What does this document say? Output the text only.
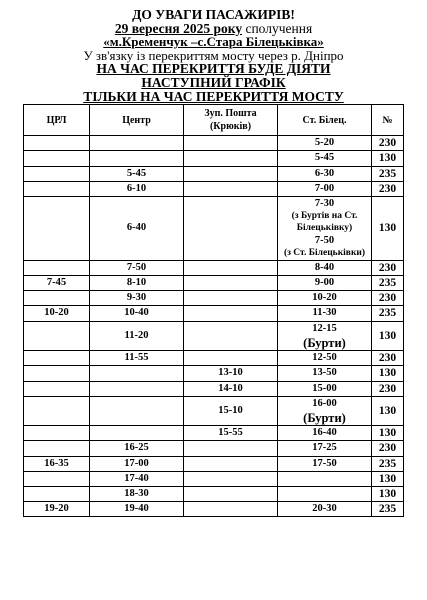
ДО УВАГИ ПАСАЖИРІВ!
29 вересня 2025 року сполучення
«м.Кременчук –с.Стара Білецьківка»
У зв'язку із перекриттям мосту через р. Дніпро
НА ЧАС ПЕРЕКРИТТЯ БУДЕ ДІЯТИ
НАСТУПНИЙ ГРАФІК
ТІЛЬКИ НА ЧАС ПЕРЕКРИТТЯ МОСТУ
ЦРЛ	Центр	Зуп. Пошта (Крюків)	Ст. Білец.	№
			5-20	230
			5-45	130
	5-45		6-30	235
	6-10		7-00	230
	6-40		7-30
(з Буртів на Ст. Білецьківку)
7-50
(з Ст. Білецьківки)	130
	7-50		8-40	230
7-45	8-10		9-00	235
	9-30		10-20	230
10-20	10-40		11-30	235
	11-20		12-15
(Бурти)	130
	11-55		12-50	230
		13-10	13-50	130
		14-10	15-00	230
		15-10	16-00
(Бурти)	130
		15-55	16-40	130
	16-25		17-25	230
16-35	17-00		17-50	235
	17-40			130
	18-30			130
19-20	19-40		20-30	235
